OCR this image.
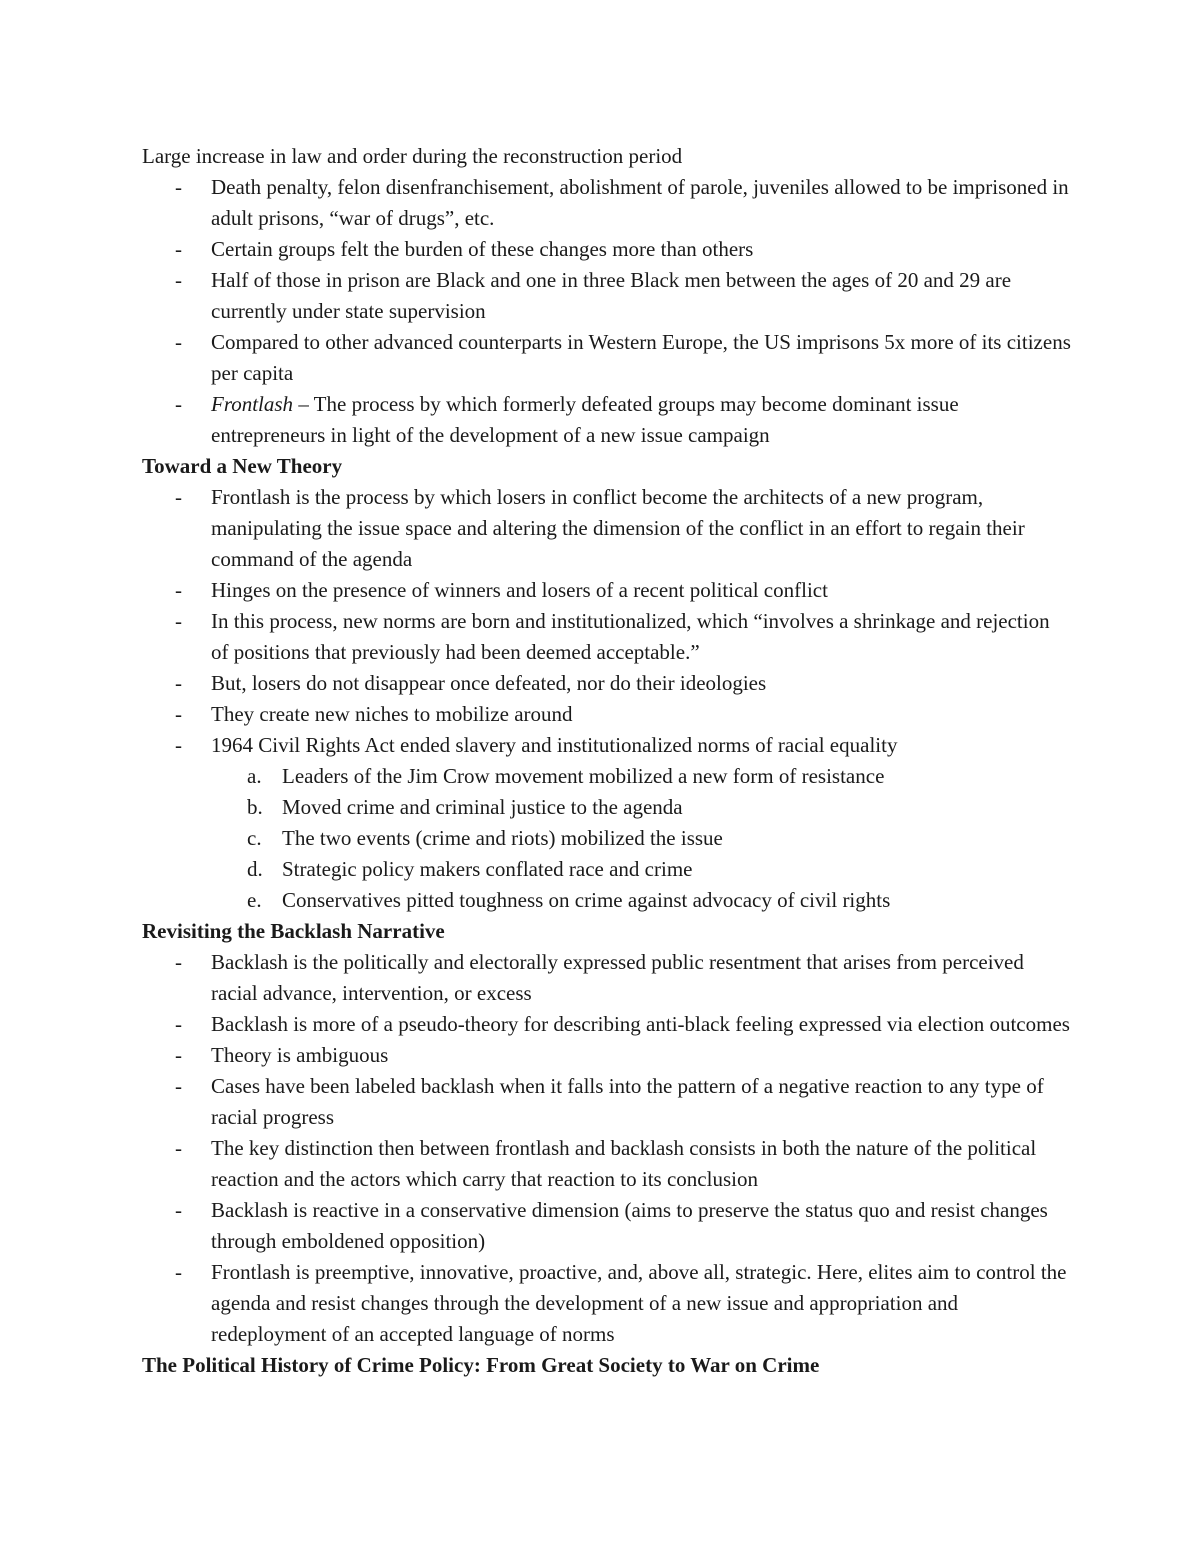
Large increase in law and order during the reconstruction period

- Death penalty, felon disenfranchisement, abolishment of parole, juveniles allowed to be imprisoned in adult prisons, “war of drugs”, etc.
- Certain groups felt the burden of these changes more than others
- Half of those in prison are Black and one in three Black men between the ages of 20 and 29 are currently under state supervision
- Compared to other advanced counterparts in Western Europe, the US imprisons 5x more of its citizens per capita
- Frontlash – The process by which formerly defeated groups may become dominant issue entrepreneurs in light of the development of a new issue campaign

Toward a New Theory

- Frontlash is the process by which losers in conflict become the architects of a new program, manipulating the issue space and altering the dimension of the conflict in an effort to regain their command of the agenda
- Hinges on the presence of winners and losers of a recent political conflict
- In this process, new norms are born and institutionalized, which “involves a shrinkage and rejection of positions that previously had been deemed acceptable.”
- But, losers do not disappear once defeated, nor do their ideologies
- They create new niches to mobilize around
- 1964 Civil Rights Act ended slavery and institutionalized norms of racial equality
a. Leaders of the Jim Crow movement mobilized a new form of resistance
b. Moved crime and criminal justice to the agenda
c. The two events (crime and riots) mobilized the issue
d. Strategic policy makers conflated race and crime
e. Conservatives pitted toughness on crime against advocacy of civil rights

Revisiting the Backlash Narrative

- Backlash is the politically and electorally expressed public resentment that arises from perceived racial advance, intervention, or excess
- Backlash is more of a pseudo-theory for describing anti-black feeling expressed via election outcomes
- Theory is ambiguous
- Cases have been labeled backlash when it falls into the pattern of a negative reaction to any type of racial progress
- The key distinction then between frontlash and backlash consists in both the nature of the political reaction and the actors which carry that reaction to its conclusion
- Backlash is reactive in a conservative dimension (aims to preserve the status quo and resist changes through emboldened opposition)
- Frontlash is preemptive, innovative, proactive, and, above all, strategic. Here, elites aim to control the agenda and resist changes through the development of a new issue and appropriation and redeployment of an accepted language of norms

The Political History of Crime Policy: From Great Society to War on Crime
